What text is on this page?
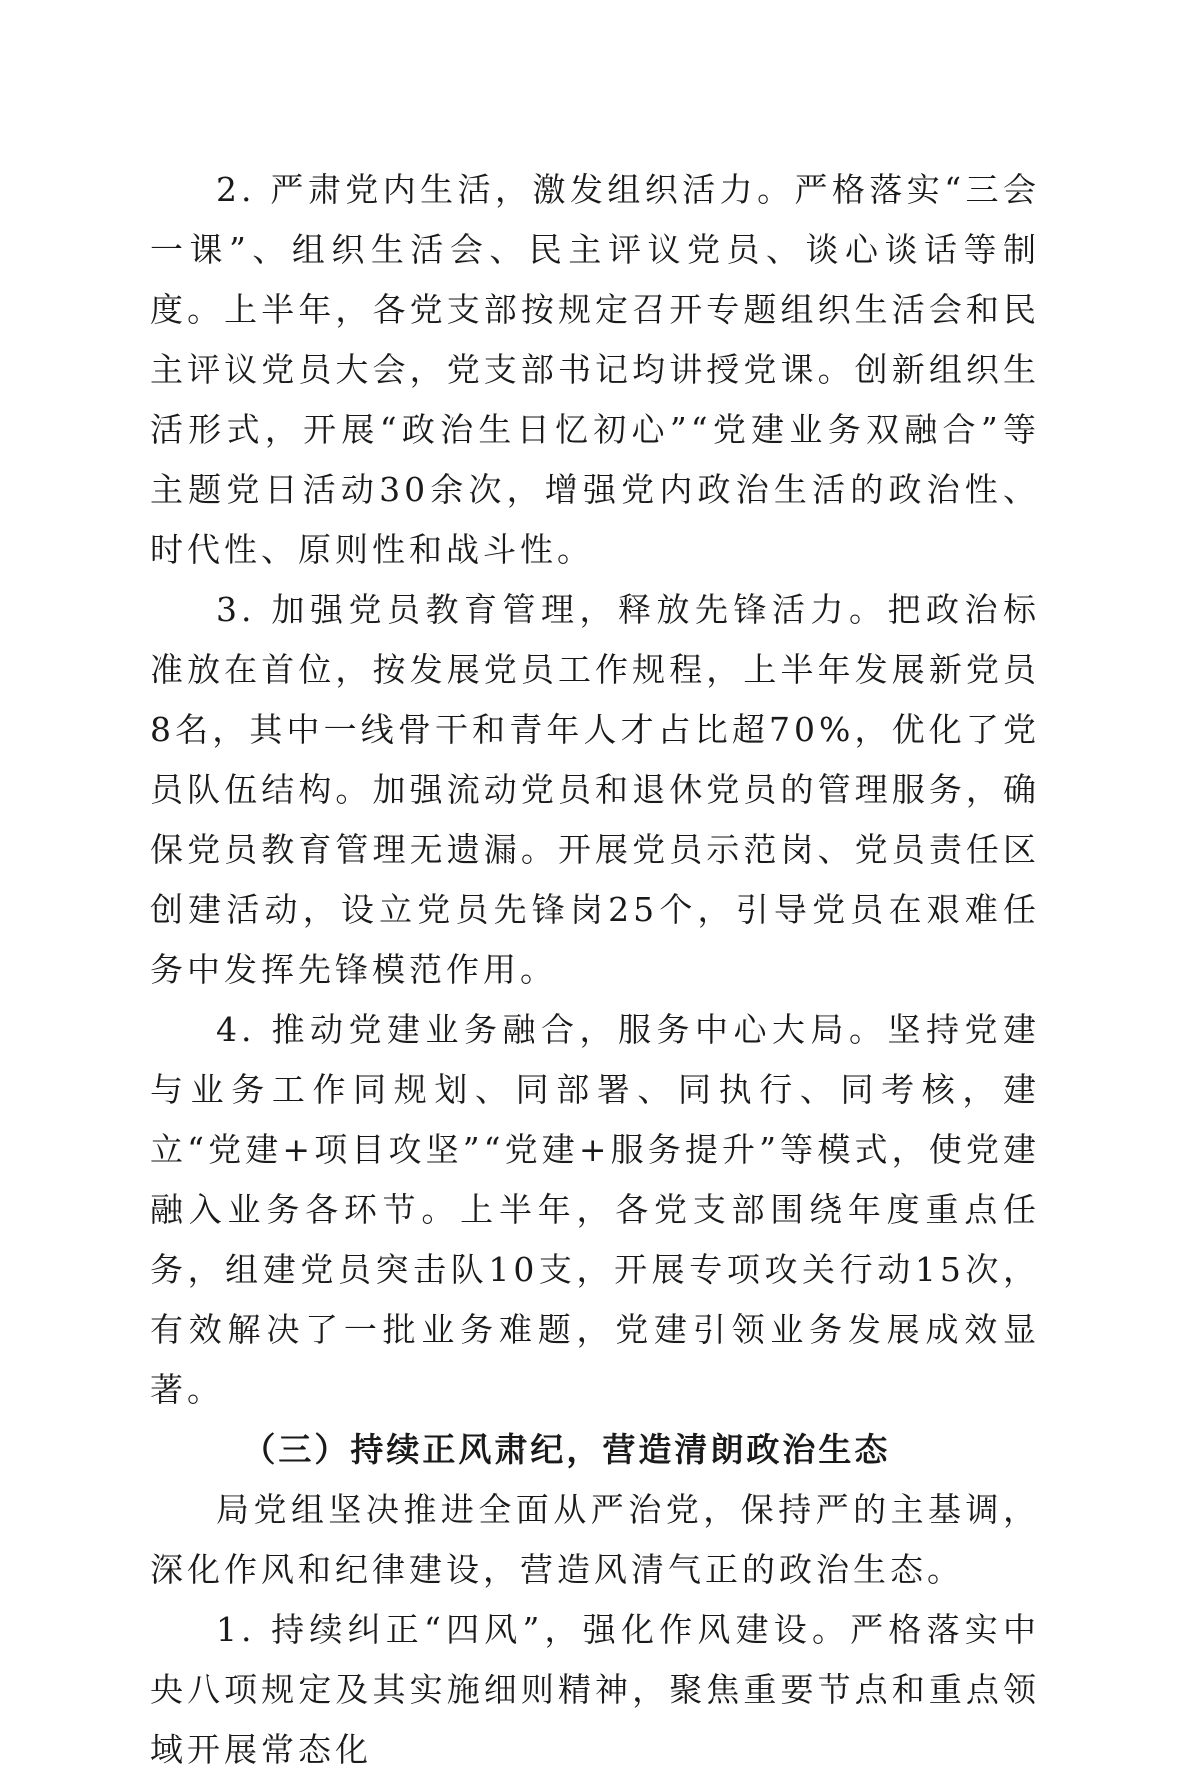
2. 严肃党内生活，激发组织活力。严格落实“三会一课”、组织生活会、民主评议党员、谈心谈话等制度。上半年，各党支部按规定召开专题组织生活会和民主评议党员大会，党支部书记均讲授党课。创新组织生活形式，开展“政治生日忆初心”“党建业务双融合”等主题党日活动30余次，增强党内政治生活的政治性、时代性、原则性和战斗性。

3. 加强党员教育管理，释放先锋活力。把政治标准放在首位，按发展党员工作规程，上半年发展新党员8名，其中一线骨干和青年人才占比超70%，优化了党员队伍结构。加强流动党员和退休党员的管理服务，确保党员教育管理无遗漏。开展党员示范岗、党员责任区创建活动，设立党员先锋岗25个，引导党员在艰难任务中发挥先锋模范作用。

4. 推动党建业务融合，服务中心大局。坚持党建与业务工作同规划、同部署、同执行、同考核，建立“党建+项目攻坚”“党建+服务提升”等模式，使党建融入业务各环节。上半年，各党支部围绕年度重点任务，组建党员突击队10支，开展专项攻关行动15次，有效解决了一批业务难题，党建引领业务发展成效显著。

（三）持续正风肃纪，营造清朗政治生态

局党组坚决推进全面从严治党，保持严的主基调，深化作风和纪律建设，营造风清气正的政治生态。

1. 持续纠正“四风”，强化作风建设。严格落实中央八项规定及其实施细则精神，聚焦重要节点和重点领域开展常态化
